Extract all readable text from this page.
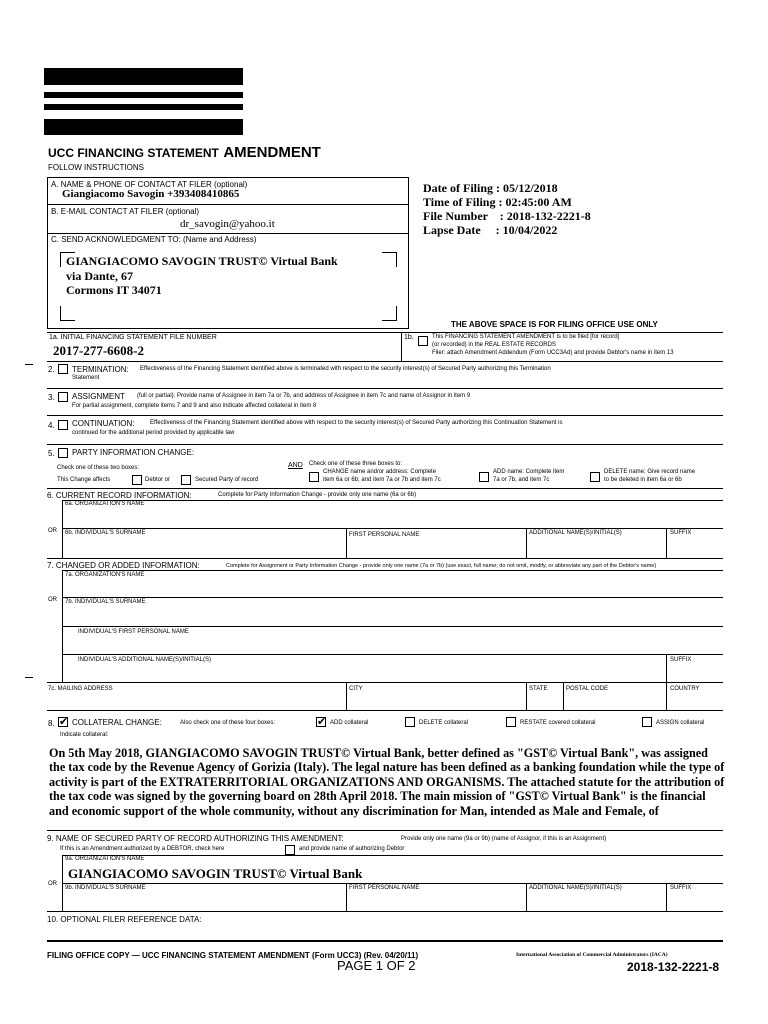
UCC FINANCING STATEMENT AMENDMENT
FOLLOW INSTRUCTIONS
A. NAME & PHONE OF CONTACT AT FILER (optional)
Giangiacomo Savogin +393408410865
B. E-MAIL CONTACT AT FILER (optional)
dr_savogin@yahoo.it
C. SEND ACKNOWLEDGMENT TO: (Name and Address)
GIANGIACOMO SAVOGIN TRUST© Virtual Bank
via Dante, 67
Cormons IT 34071
Date of Filing : 05/12/2018
Time of Filing : 02:45:00 AM
File Number    : 2018-132-2221-8
Lapse Date     : 10/04/2022
THE ABOVE SPACE IS FOR FILING OFFICE USE ONLY
1a. INITIAL FINANCING STATEMENT FILE NUMBER
2017-277-6608-2
1b.	This FINANCING STATEMENT AMENDMENT is to be filed [for record]
(or recorded) in the REAL ESTATE RECORDS
Filer: attach Amendment Addendum (Form UCC3Ad) and provide Debtor's name in item 13
2. TERMINATION: Effectiveness of the Financing Statement identified above is terminated with respect to the security interest(s) of Secured Party authorizing this Termination
Statement
3. ASSIGNMENT (full or partial): Provide name of Assignee in item 7a or 7b, and address of Assignee in item 7c and name of Assignor in item 9
For partial assignment, complete items 7 and 9 and also indicate affected collateral in item 8
4. CONTINUATION:	Effectiveness of the Financing Statement identified above with respect to the security interest(s) of Secured Party authorizing this Continuation Statement is
continued for the additional period provided by applicable law
5. PARTY INFORMATION CHANGE:
Check one of these two boxes:
This Change affects	Debtor or	Secured Party of record
AND Check one of these three boxes to:
CHANGE name and/or address: Complete
item 6a or 6b; and item 7a or 7b and item 7c
ADD name: Complete item
7a or 7b, and item 7c
DELETE name: Give record name
to be deleted in item 6a or 6b
6. CURRENT RECORD INFORMATION:	Complete for Party Information Change - provide only one name (6a or 6b)
6a. ORGANIZATION'S NAME
OR 6b. INDIVIDUAL'S SURNAME	FIRST PERSONAL NAME	ADDITIONAL NAME(S)/INITIAL(S)	SUFFIX
7. CHANGED OR ADDED INFORMATION:	Complete for Assignment or Party Information Change - provide only one name (7a or 7b) (use exact, full name; do not omit, modify, or abbreviate any part of the Debtor's name)
7a. ORGANIZATION'S NAME
OR 7b. INDIVIDUAL'S SURNAME
INDIVIDUAL'S FIRST PERSONAL NAME
INDIVIDUAL'S ADDITIONAL NAME(S)/INITIAL(S)	SUFFIX
7c. MAILING ADDRESS	CITY	STATE	POSTAL CODE	COUNTRY
8. ✔ COLLATERAL CHANGE:	Also check one of these four boxes: ✔	ADD collateral	DELETE collateral	RESTATE covered collateral	ASSIGN collateral
Indicate collateral:
On 5th May 2018, GIANGIACOMO SAVOGIN TRUST© Virtual Bank, better defined as "GST© Virtual Bank", was assigned the tax code by the Revenue Agency of Gorizia (Italy). The legal nature has been defined as a banking foundation while the type of activity is part of the EXTRATERRITORIAL ORGANIZATIONS AND ORGANISMS. The attached statute for the attribution of the tax code was signed by the governing board on 28th April 2018. The main mission of "GST© Virtual Bank" is the financial and economic support of the whole community, without any discrimination for Man, intended as Male and Female, of
9. NAME OF SECURED PARTY OF RECORD AUTHORIZING THIS AMENDMENT:	Provide only one name (9a or 9b) (name of Assignor, if this is an Assignment)
If this is an Amendment authorized by a DEBTOR, check here	and provide name of authorizing Debtor
9a. ORGANIZATION'S NAME
GIANGIACOMO SAVOGIN TRUST© Virtual Bank
OR
9b. INDIVIDUAL'S SURNAME	FIRST PERSONAL NAME	ADDITIONAL NAME(S)/INITIAL(S)	SUFFIX
10. OPTIONAL FILER REFERENCE DATA:
FILING OFFICE COPY — UCC FINANCING STATEMENT AMENDMENT (Form UCC3) (Rev. 04/20/11)	International Association of Commercial Administrators (IACA)
PAGE 1 OF 2	2018-132-2221-8
